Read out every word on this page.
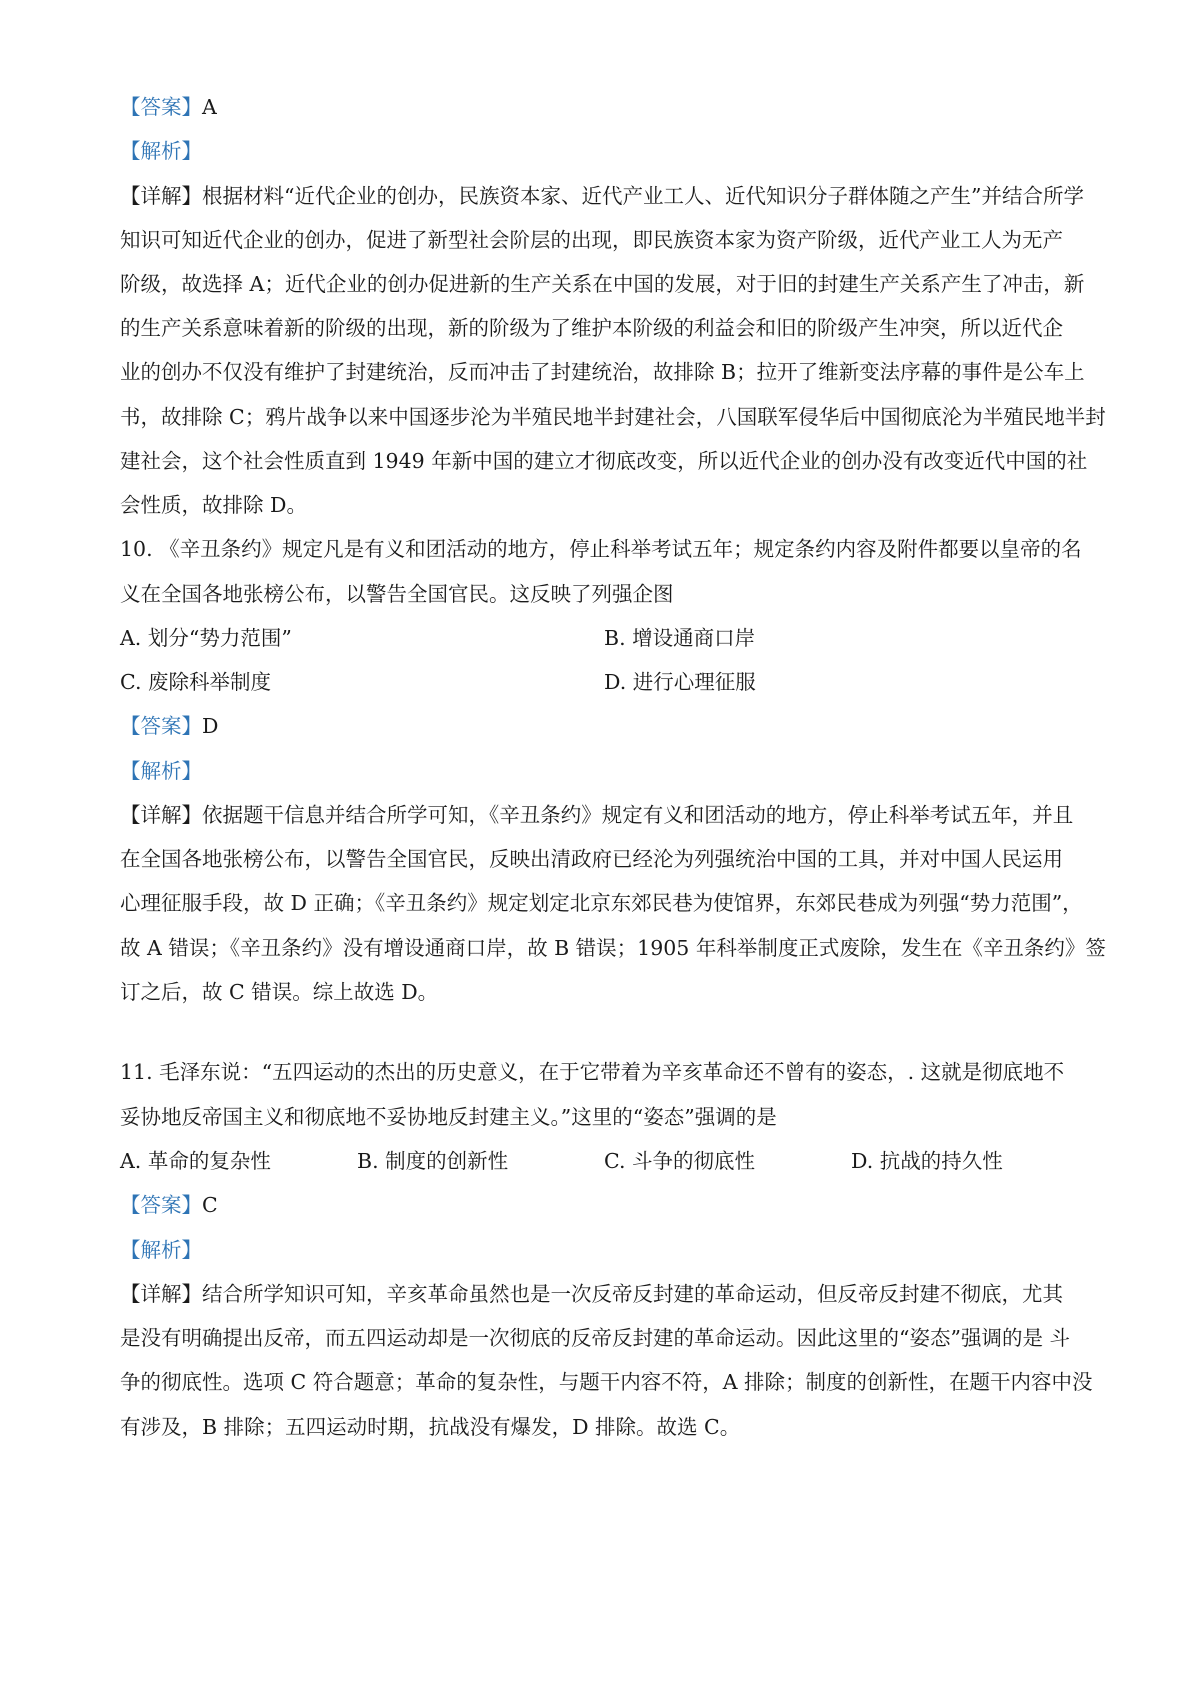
【答案】A
【解析】
【详解】根据材料“近代企业的创办，民族资本家、近代产业工人、近代知识分子群体随之产生”并结合所学
知识可知近代企业的创办，促进了新型社会阶层的出现，即民族资本家为资产阶级，近代产业工人为无产
阶级，故选择 A；近代企业的创办促进新的生产关系在中国的发展，对于旧的封建生产关系产生了冲击，新
的生产关系意味着新的阶级的出现，新的阶级为了维护本阶级的利益会和旧的阶级产生冲突，所以近代企
业的创办不仅没有维护了封建统治，反而冲击了封建统治，故排除 B；拉开了维新变法序幕的事件是公车上
书，故排除 C；鸦片战争以来中国逐步沦为半殖民地半封建社会，八国联军侵华后中国彻底沦为半殖民地半封
建社会，这个社会性质直到 1949 年新中国的建立才彻底改变，所以近代企业的创办没有改变近代中国的社
会性质，故排除 D。
10. 《辛丑条约》规定凡是有义和团活动的地方，停止科举考试五年；规定条约内容及附件都要以皇帝的名
义在全国各地张榜公布，以警告全国官民。这反映了列强企图
A. 划分“势力范围”	B. 增设通商口岸
C. 废除科举制度	D. 进行心理征服
【答案】D
【解析】
【详解】依据题干信息并结合所学可知，《辛丑条约》规定有义和团活动的地方，停止科举考试五年，并且
在全国各地张榜公布，以警告全国官民，反映出清政府已经沦为列强统治中国的工具，并对中国人民运用
心理征服手段，故 D 正确；《辛丑条约》规定划定北京东郊民巷为使馆界，东郊民巷成为列强“势力范围”，
故 A 错误；《辛丑条约》没有增设通商口岸，故 B 错误；1905 年科举制度正式废除，发生在《辛丑条约》签
订之后，故 C 错误。综上故选 D。
11. 毛泽东说：“五四运动的杰出的历史意义，在于它带着为辛亥革命还不曾有的姿态，. 这就是彻底地不
妥协地反帝国主义和彻底地不妥协地反封建主义。”这里的“姿态”强调的是
A. 革命的复杂性	B. 制度的创新性	C. 斗争的彻底性	D. 抗战的持久性
【答案】C
【解析】
【详解】结合所学知识可知，辛亥革命虽然也是一次反帝反封建的革命运动，但反帝反封建不彻底，尤其
是没有明确提出反帝，而五四运动却是一次彻底的反帝反封建的革命运动。因此这里的“姿态”强调的是 斗
争的彻底性。选项 C 符合题意；革命的复杂性，与题干内容不符，A 排除；制度的创新性，在题干内容中没
有涉及，B 排除；五四运动时期，抗战没有爆发，D 排除。故选 C。
